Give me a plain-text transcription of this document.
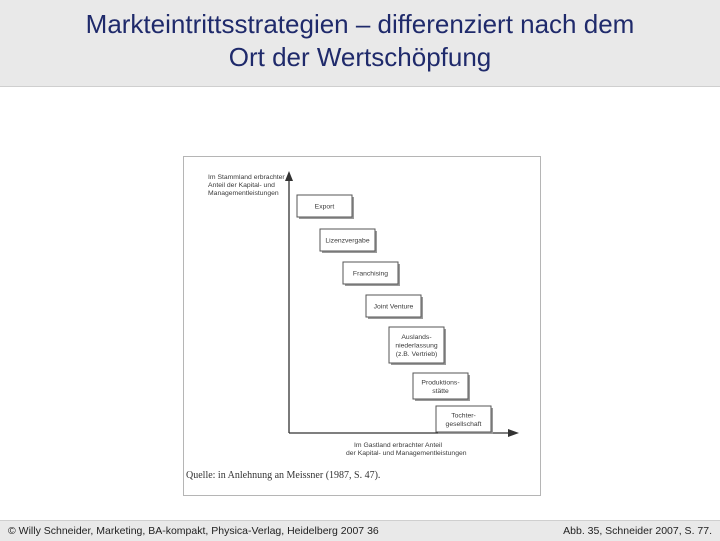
Markteintrittsstrategien – differenziert nach dem
Ort der Wertschöpfung
Im Stammland erbrachter
Anteil der Kapital- und
Managementleistungen
Im Gastland erbrachter Anteil
der Kapital- und Managementleistungen
Export
Lizenzvergabe
Franchising
Joint Venture
Auslands-
niederlassung
(z.B. Vertrieb)
Produktions-
stätte
Tochter-
gesellschaft
Quelle: in Anlehnung an Meissner (1987, S. 47).
© Willy Schneider, Marketing, BA-kompakt, Physica-Verlag, Heidelberg 2007 36	Abb. 35, Schneider 2007, S. 77.
